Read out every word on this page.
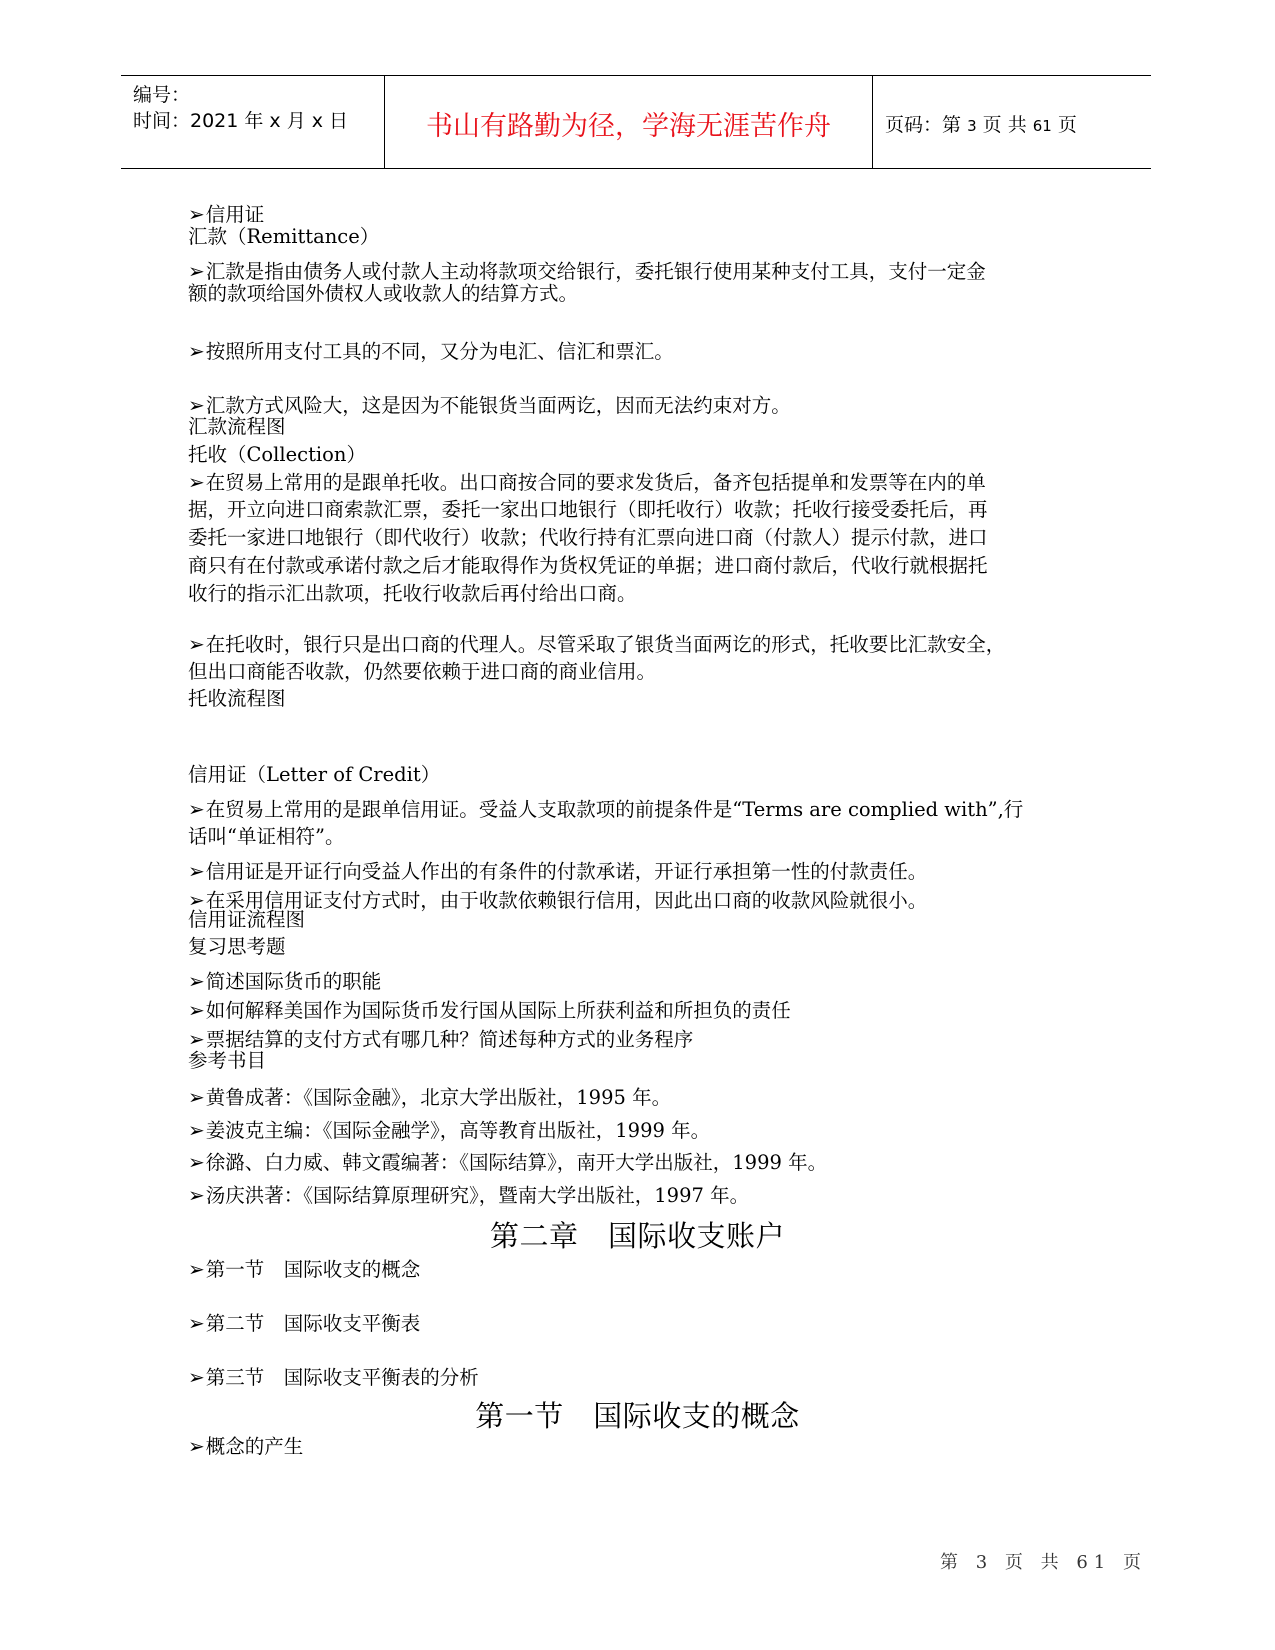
编号：
时间：2021 年 x 月 x 日	书山有路勤为径，学海无涯苦作舟	页码：第 3 页 共 61 页
➢信用证
汇款（Remittance）
➢汇款是指由债务人或付款人主动将款项交给银行，委托银行使用某种支付工具，支付一定金
额的款项给国外债权人或收款人的结算方式。
➢按照所用支付工具的不同，又分为电汇、信汇和票汇。
➢汇款方式风险大，这是因为不能银货当面两讫，因而无法约束对方。
汇款流程图
托收（Collection）
➢在贸易上常用的是跟单托收。出口商按合同的要求发货后，备齐包括提单和发票等在内的单
据，开立向进口商索款汇票，委托一家出口地银行（即托收行）收款；托收行接受委托后，再
委托一家进口地银行（即代收行）收款；代收行持有汇票向进口商（付款人）提示付款，进口
商只有在付款或承诺付款之后才能取得作为货权凭证的单据；进口商付款后，代收行就根据托
收行的指示汇出款项，托收行收款后再付给出口商。
➢在托收时，银行只是出口商的代理人。尽管采取了银货当面两讫的形式，托收要比汇款安全，
但出口商能否收款，仍然要依赖于进口商的商业信用。
托收流程图
信用证（Letter of Credit）
➢在贸易上常用的是跟单信用证。受益人支取款项的前提条件是“Terms are complied with”,行
话叫“单证相符”。
➢信用证是开证行向受益人作出的有条件的付款承诺，开证行承担第一性的付款责任。
➢在采用信用证支付方式时，由于收款依赖银行信用，因此出口商的收款风险就很小。
信用证流程图
复习思考题
➢简述国际货币的职能
➢如何解释美国作为国际货币发行国从国际上所获利益和所担负的责任
➢票据结算的支付方式有哪几种？简述每种方式的业务程序
参考书目
➢黄鲁成著：《国际金融》，北京大学出版社，1995 年。
➢姜波克主编：《国际金融学》，高等教育出版社，1999 年。
➢徐潞、白力威、韩文霞编著：《国际结算》，南开大学出版社，1999 年。
➢汤庆洪著：《国际结算原理研究》，暨南大学出版社，1997 年。
第二章　国际收支账户
➢第一节　国际收支的概念
➢第二节　国际收支平衡表
➢第三节　国际收支平衡表的分析
第一节　国际收支的概念
➢概念的产生
第 3 页 共 61 页
